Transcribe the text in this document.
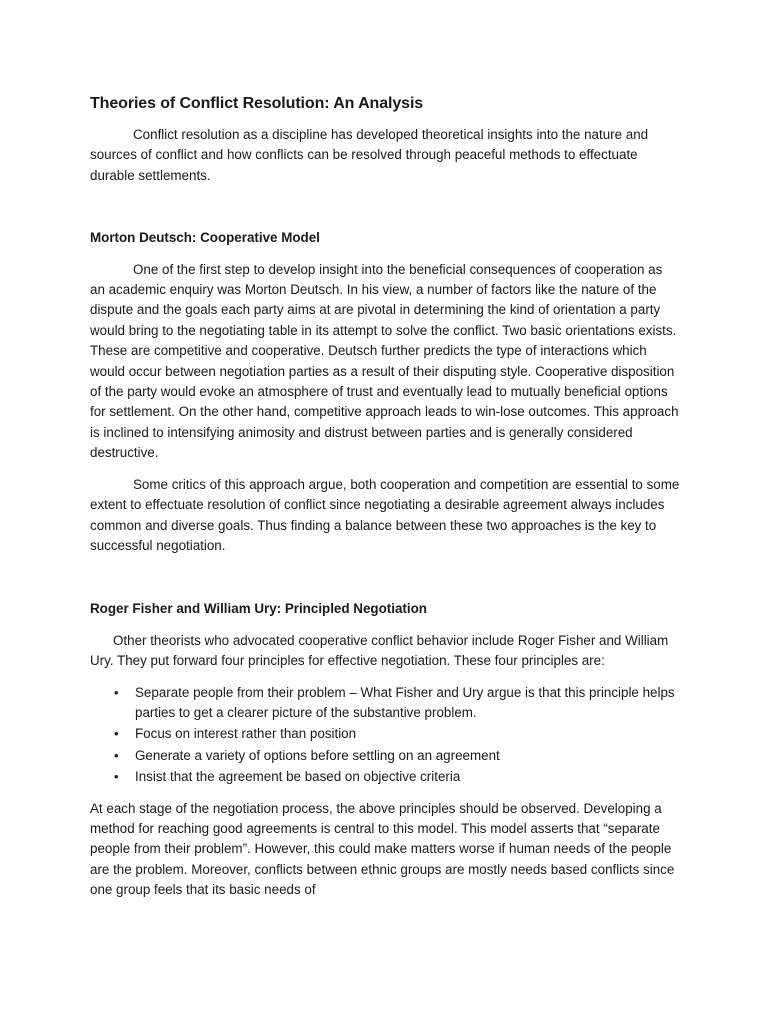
Theories of Conflict Resolution: An Analysis

Conflict resolution as a discipline has developed theoretical insights into the nature and sources of conflict and how conflicts can be resolved through peaceful methods to effectuate durable settlements.

Morton Deutsch: Cooperative Model

One of the first step to develop insight into the beneficial consequences of cooperation as an academic enquiry was Morton Deutsch. In his view, a number of factors like the nature of the dispute and the goals each party aims at are pivotal in determining the kind of orientation a party would bring to the negotiating table in its attempt to solve the conflict. Two basic orientations exists. These are competitive and cooperative. Deutsch further predicts the type of interactions which would occur between negotiation parties as a result of their disputing style. Cooperative disposition of the party would evoke an atmosphere of trust and eventually lead to mutually beneficial options for settlement. On the other hand, competitive approach leads to win-lose outcomes. This approach is inclined to intensifying animosity and distrust between parties and is generally considered destructive.

Some critics of this approach argue, both cooperation and competition are essential to some extent to effectuate resolution of conflict since negotiating a desirable agreement always includes common and diverse goals. Thus finding a balance between these two approaches is the key to successful negotiation.

Roger Fisher and William Ury: Principled Negotiation

Other theorists who advocated cooperative conflict behavior include Roger Fisher and William Ury. They put forward four principles for effective negotiation. These four principles are:

• Separate people from their problem – What Fisher and Ury argue is that this principle helps parties to get a clearer picture of the substantive problem.
• Focus on interest rather than position
• Generate a variety of options before settling on an agreement
• Insist that the agreement be based on objective criteria

At each stage of the negotiation process, the above principles should be observed. Developing a method for reaching good agreements is central to this model. This model asserts that “separate people from their problem”. However, this could make matters worse if human needs of the people are the problem. Moreover, conflicts between ethnic groups are mostly needs based conflicts since one group feels that its basic needs of
